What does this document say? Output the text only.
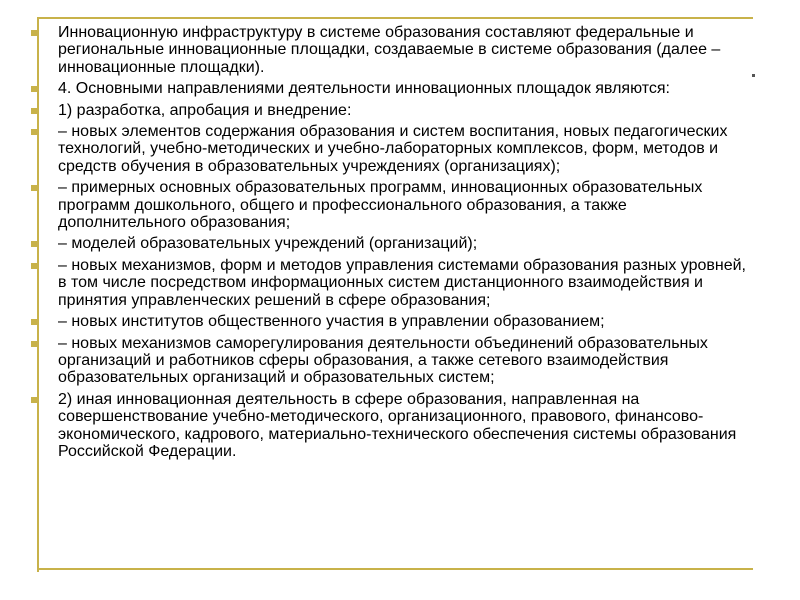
Инновационную инфраструктуру в системе образования составляют федеральные и региональные инновационные площадки, создаваемые в системе образования (далее – инновационные площадки).
4. Основными направлениями деятельности инновационных площадок являются:
1) разработка, апробация и внедрение:
– новых элементов содержания образования и систем воспитания, новых педагогических технологий, учебно-методических и учебно-лабораторных комплексов, форм, методов и средств обучения в образовательных учреждениях (организациях);
– примерных основных образовательных программ, инновационных образовательных программ дошкольного, общего и профессионального образования, а также дополнительного образования;
– моделей образовательных учреждений (организаций);
– новых механизмов, форм и методов управления системами образования разных уровней, в том числе посредством информационных систем дистанционного взаимодействия и принятия управленческих решений в сфере образования;
– новых институтов общественного участия в управлении образованием;
– новых механизмов саморегулирования деятельности объединений образовательных организаций и работников сферы образования, а также сетевого взаимодействия образовательных организаций и образовательных систем;
2) иная инновационная деятельность в сфере образования, направленная на совершенствование учебно-методического, организационного, правового, финансово-экономического, кадрового, материально-технического обеспечения системы образования Российской Федерации.
